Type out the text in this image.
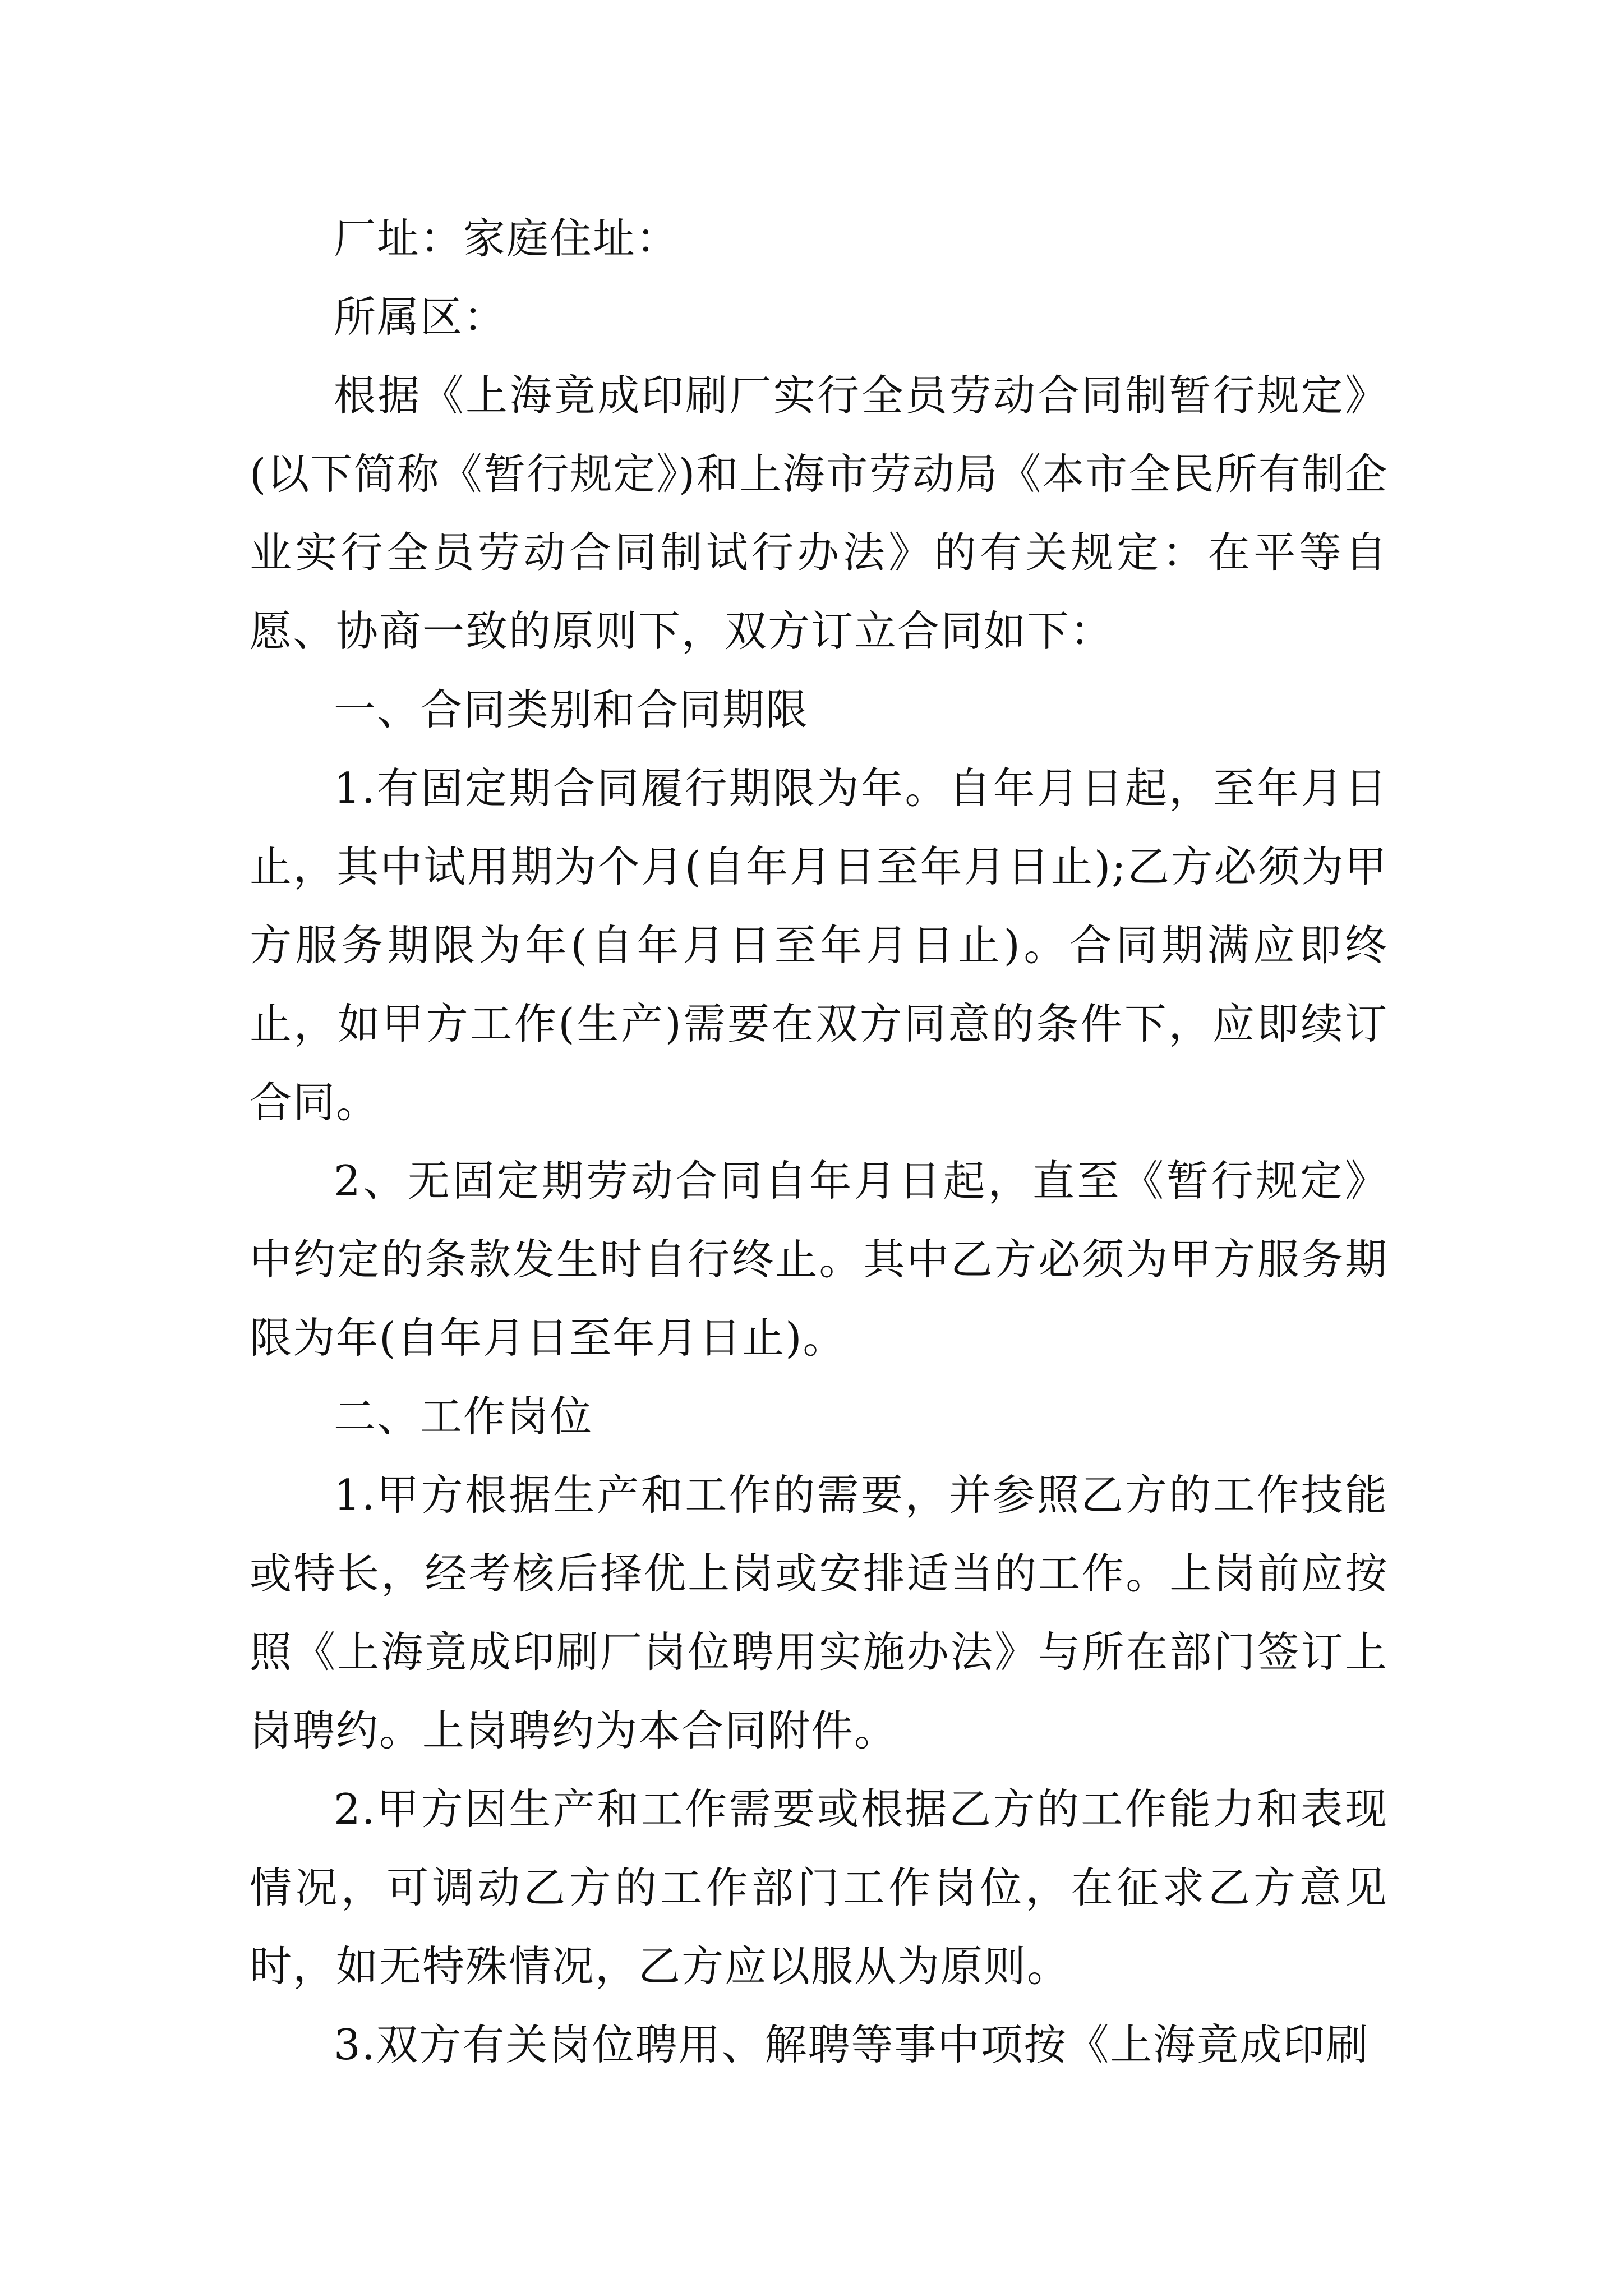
厂址：家庭住址：

所属区：

根据《上海竟成印刷厂实行全员劳动合同制暂行规定》(以下简称《暂行规定》)和上海市劳动局《本市全民所有制企业实行全员劳动合同制试行办法》的有关规定：在平等自愿、协商一致的原则下，双方订立合同如下：

一、合同类别和合同期限

1.有固定期合同履行期限为年。自年月日起，至年月日止，其中试用期为个月(自年月日至年月日止);乙方必须为甲方服务期限为年(自年月日至年月日止)。合同期满应即终止，如甲方工作(生产)需要在双方同意的条件下，应即续订合同。

2、无固定期劳动合同自年月日起，直至《暂行规定》中约定的条款发生时自行终止。其中乙方必须为甲方服务期限为年(自年月日至年月日止)。

二、工作岗位

1.甲方根据生产和工作的需要，并参照乙方的工作技能或特长，经考核后择优上岗或安排适当的工作。上岗前应按照《上海竟成印刷厂岗位聘用实施办法》与所在部门签订上岗聘约。上岗聘约为本合同附件。

2.甲方因生产和工作需要或根据乙方的工作能力和表现情况，可调动乙方的工作部门工作岗位，在征求乙方意见时，如无特殊情况，乙方应以服从为原则。

3.双方有关岗位聘用、解聘等事中项按《上海竟成印刷
